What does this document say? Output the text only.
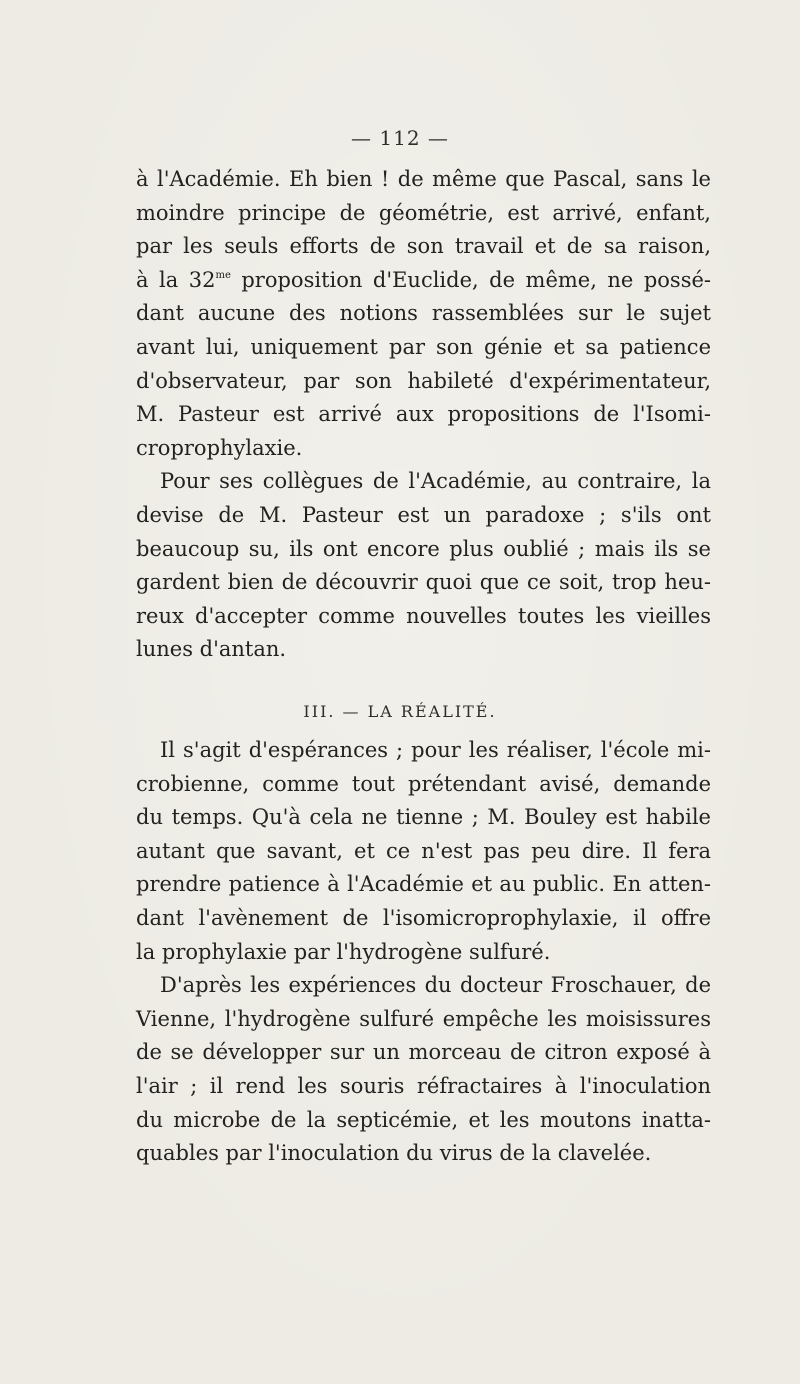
— 112 —
à l'Académie. Eh bien ! de même que Pascal, sans le
moindre principe de géométrie, est arrivé, enfant,
par les seuls efforts de son travail et de sa raison,
à la $32^{me}$ proposition d'Euclide, de même, ne possé-
dant aucune des notions rassemblées sur le sujet
avant lui, uniquement par son génie et sa patience
d'observateur, par son habileté d'expérimentateur,
M. Pasteur est arrivé aux propositions de l'Isomi-
croprophylaxie.
Pour ses collègues de l'Académie, au contraire, la
devise de M. Pasteur est un paradoxe ; s'ils ont
beaucoup su, ils ont encore plus oublié ; mais ils se
gardent bien de découvrir quoi que ce soit, trop heu-
reux d'accepter comme nouvelles toutes les vieilles
lunes d'antan.
III. — LA RÉALITÉ.
Il s'agit d'espérances ; pour les réaliser, l'école mi-
crobienne, comme tout prétendant avisé, demande
du temps. Qu'à cela ne tienne ; M. Bouley est habile
autant que savant, et ce n'est pas peu dire. Il fera
prendre patience à l'Académie et au public. En atten-
dant l'avènement de l'isomicroprophylaxie, il offre
la prophylaxie par l'hydrogène sulfuré.
D'après les expériences du docteur Froschauer, de
Vienne, l'hydrogène sulfuré empêche les moisissures
de se développer sur un morceau de citron exposé à
l'air ; il rend les souris réfractaires à l'inoculation
du microbe de la septicémie, et les moutons inatta-
quables par l'inoculation du virus de la clavelée.
